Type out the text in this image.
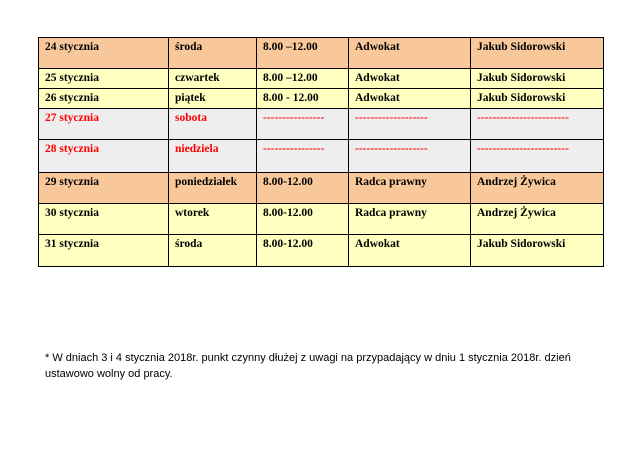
24 stycznia	środa	8.00 –12.00	Adwokat	Jakub Sidorowski
25 stycznia	czwartek	8.00 –12.00	Adwokat	Jakub Sidorowski
26 stycznia	piątek	8.00 - 12.00	Adwokat	Jakub Sidorowski
27 stycznia	sobota	----------------	-------------------	------------------------
28 stycznia	niedziela	----------------	-------------------	------------------------
29 stycznia	poniedziałek	8.00-12.00	Radca prawny	Andrzej Żywica
30 stycznia	wtorek	8.00-12.00	Radca prawny	Andrzej Żywica
31 stycznia	środa	8.00-12.00	Adwokat	Jakub Sidorowski
* W dniach 3 i 4 stycznia 2018r. punkt czynny dłużej z uwagi na przypadający w dniu 1 stycznia 2018r. dzień
ustawowo wolny od pracy.
